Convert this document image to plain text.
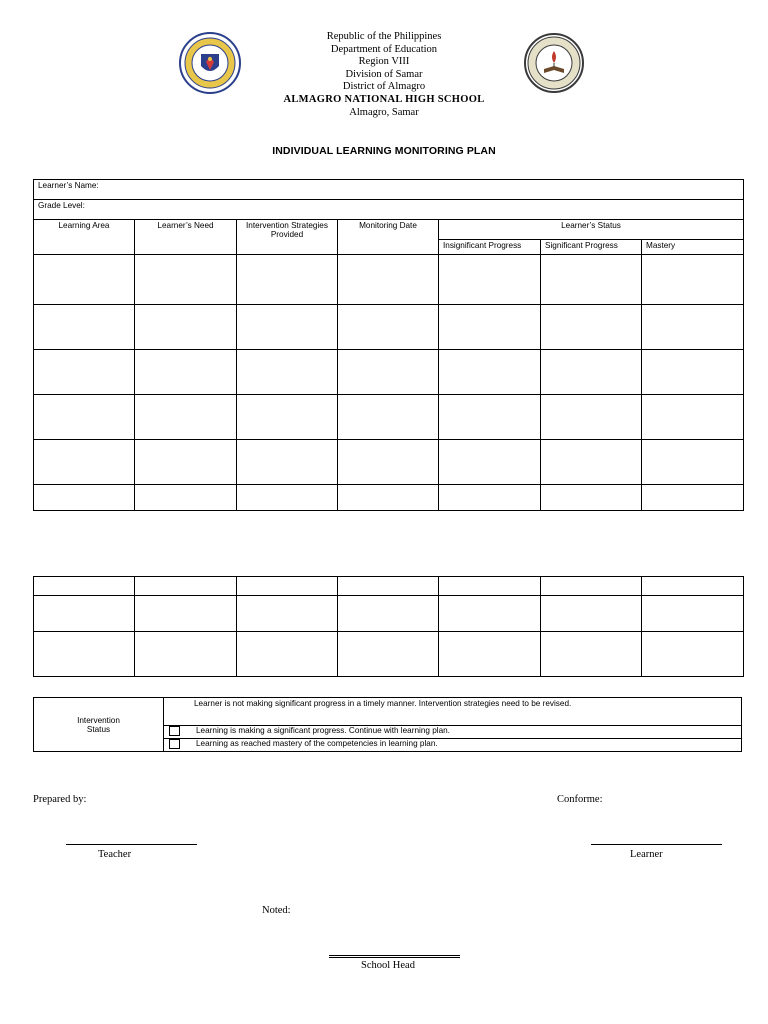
Republic of the Philippines
Department of Education
Region VIII
Division of Samar
District of Almagro
ALMAGRO NATIONAL HIGH SCHOOL
Almagro, Samar
INDIVIDUAL LEARNING MONITORING PLAN
Learner’s Name:						
Grade Level:						
Learning Area	Learner’s Need	Intervention Strategies Provided	Monitoring Date	Learner’s Status		
				Insignificant Progress	Significant Progress	Mastery

Intervention Status
	Learner is not making significant progress in a timely manner. Intervention strategies need to be revised.
Learning is making a significant progress. Continue with learning plan.
Learning as reached mastery of the competencies in learning plan.
Prepared by:	Conforme:
Teacher	Learner
Noted:
School Head
